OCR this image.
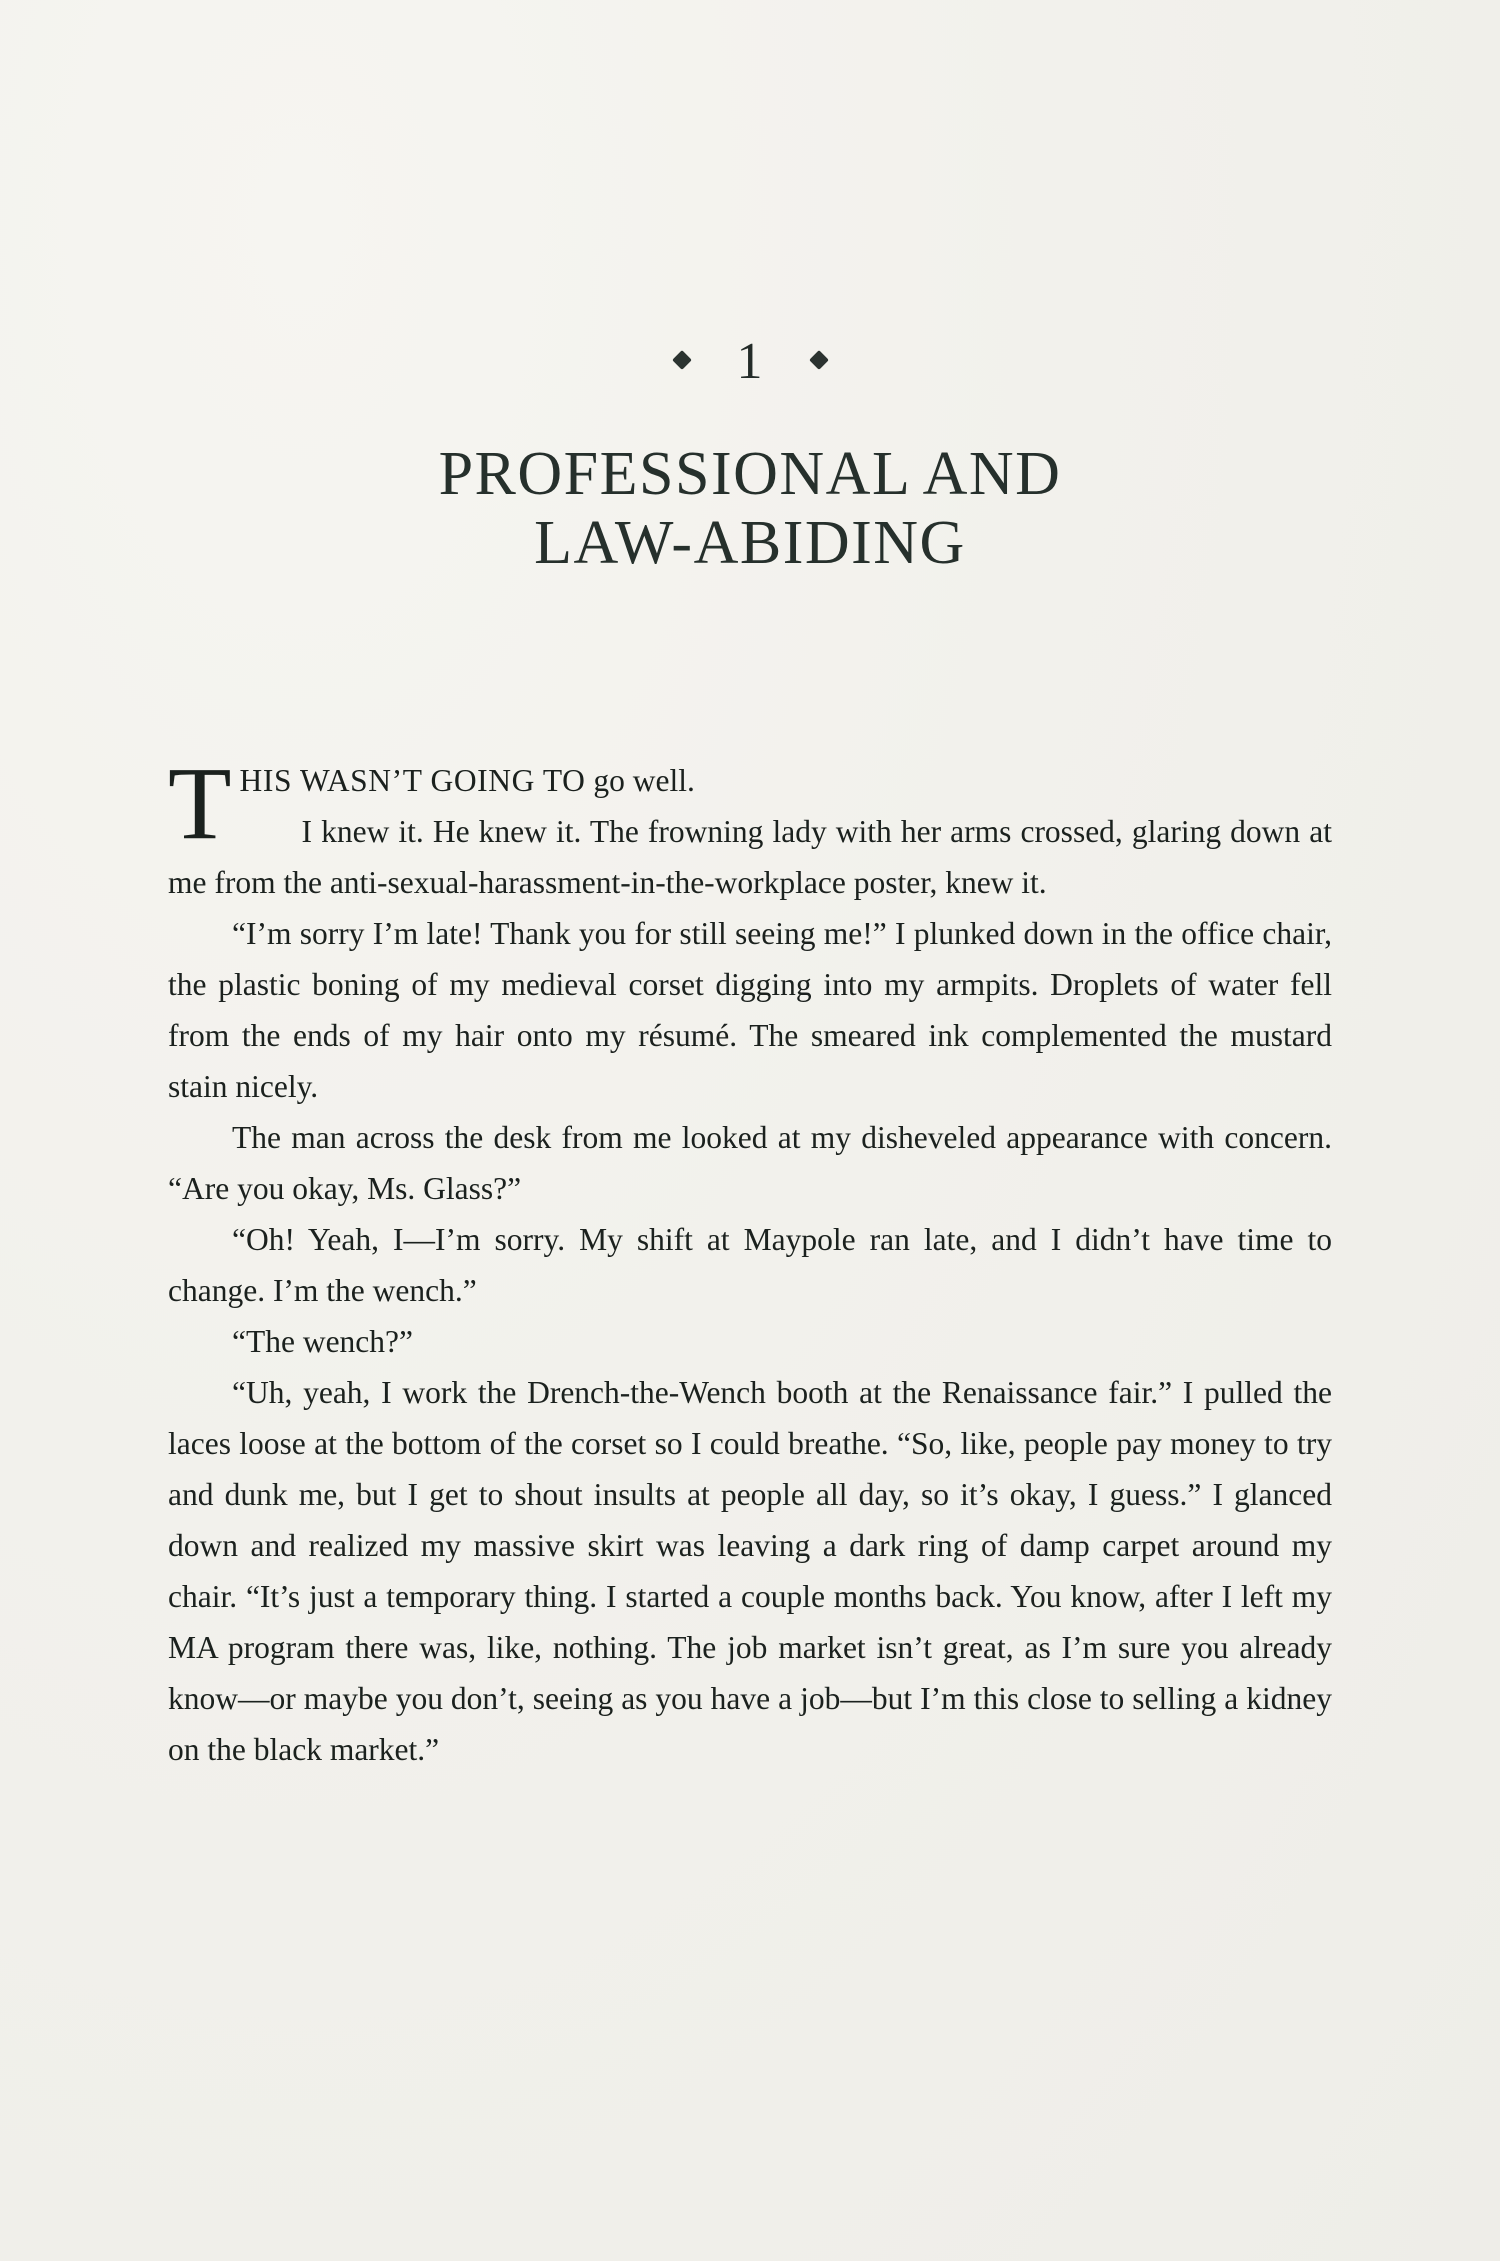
1
PROFESSIONAL AND
LAW-ABIDING

THIS WASN’T GOING TO go well.
I knew it. He knew it. The frowning lady with her arms crossed, glaring down at me from the anti-sexual-harassment-in-the-workplace poster, knew it.

“I’m sorry I’m late! Thank you for still seeing me!” I plunked down in the office chair, the plastic boning of my medieval corset digging into my armpits. Droplets of water fell from the ends of my hair onto my résumé. The smeared ink complemented the mustard stain nicely.

The man across the desk from me looked at my disheveled appearance with concern. “Are you okay, Ms. Glass?”

“Oh! Yeah, I—I’m sorry. My shift at Maypole ran late, and I didn’t have time to change. I’m the wench.”

“The wench?”

“Uh, yeah, I work the Drench-the-Wench booth at the Renaissance fair.” I pulled the laces loose at the bottom of the corset so I could breathe. “So, like, people pay money to try and dunk me, but I get to shout insults at people all day, so it’s okay, I guess.” I glanced down and realized my massive skirt was leaving a dark ring of damp carpet around my chair. “It’s just a temporary thing. I started a couple months back. You know, after I left my MA program there was, like, nothing. The job market isn’t great, as I’m sure you already know—or maybe you don’t, seeing as you have a job—but I’m this close to selling a kidney on the black market.”
